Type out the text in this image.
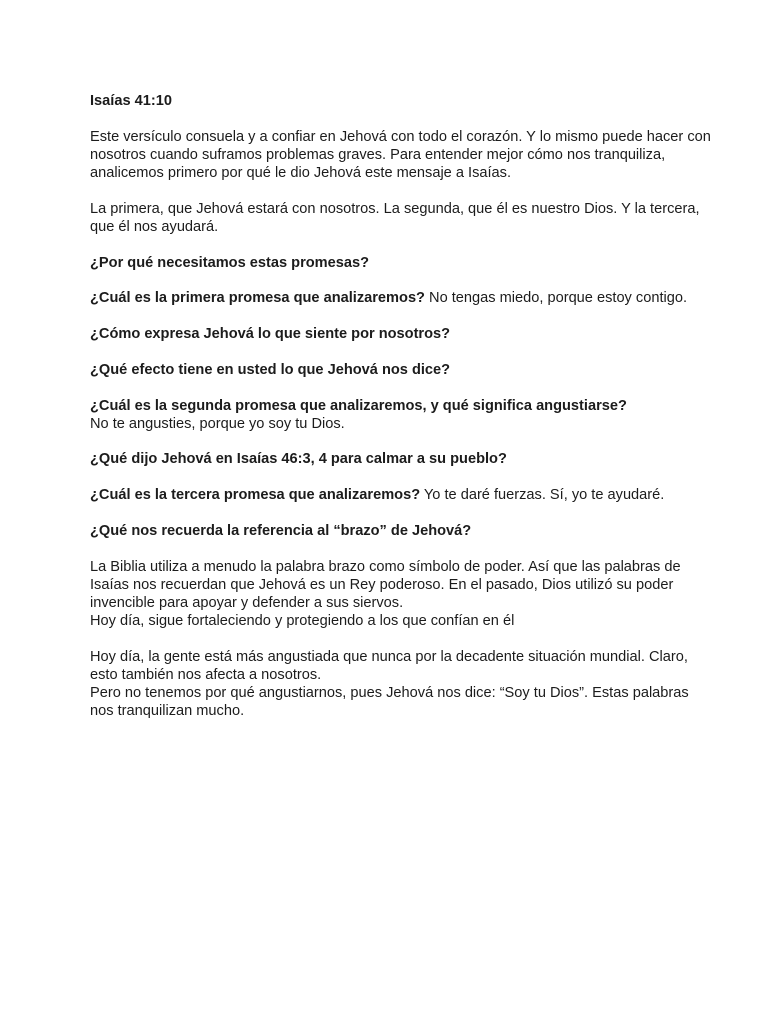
Isaías 41:10

Este versículo consuela y a confiar en Jehová con todo el corazón. Y lo mismo puede hacer con nosotros cuando suframos problemas graves. Para entender mejor cómo nos tranquiliza, analicemos primero por qué le dio Jehová este mensaje a Isaías.

La primera, que Jehová estará con nosotros. La segunda, que él es nuestro Dios. Y la tercera, que él nos ayudará.

¿Por qué necesitamos estas promesas?

¿Cuál es la primera promesa que analizaremos? No tengas miedo, porque estoy contigo.

¿Cómo expresa Jehová lo que siente por nosotros?

¿Qué efecto tiene en usted lo que Jehová nos dice?

¿Cuál es la segunda promesa que analizaremos, y qué significa angustiarse?
No te angusties, porque yo soy tu Dios.

¿Qué dijo Jehová en Isaías 46:3, 4 para calmar a su pueblo?

¿Cuál es la tercera promesa que analizaremos? Yo te daré fuerzas. Sí, yo te ayudaré.

¿Qué nos recuerda la referencia al “brazo” de Jehová?

La Biblia utiliza a menudo la palabra brazo como símbolo de poder. Así que las palabras de Isaías nos recuerdan que Jehová es un Rey poderoso. En el pasado, Dios utilizó su poder invencible para apoyar y defender a sus siervos.
Hoy día, sigue fortaleciendo y protegiendo a los que confían en él

Hoy día, la gente está más angustiada que nunca por la decadente situación mundial. Claro, esto también nos afecta a nosotros.
Pero no tenemos por qué angustiarnos, pues Jehová nos dice: “Soy tu Dios”. Estas palabras nos tranquilizan mucho.
